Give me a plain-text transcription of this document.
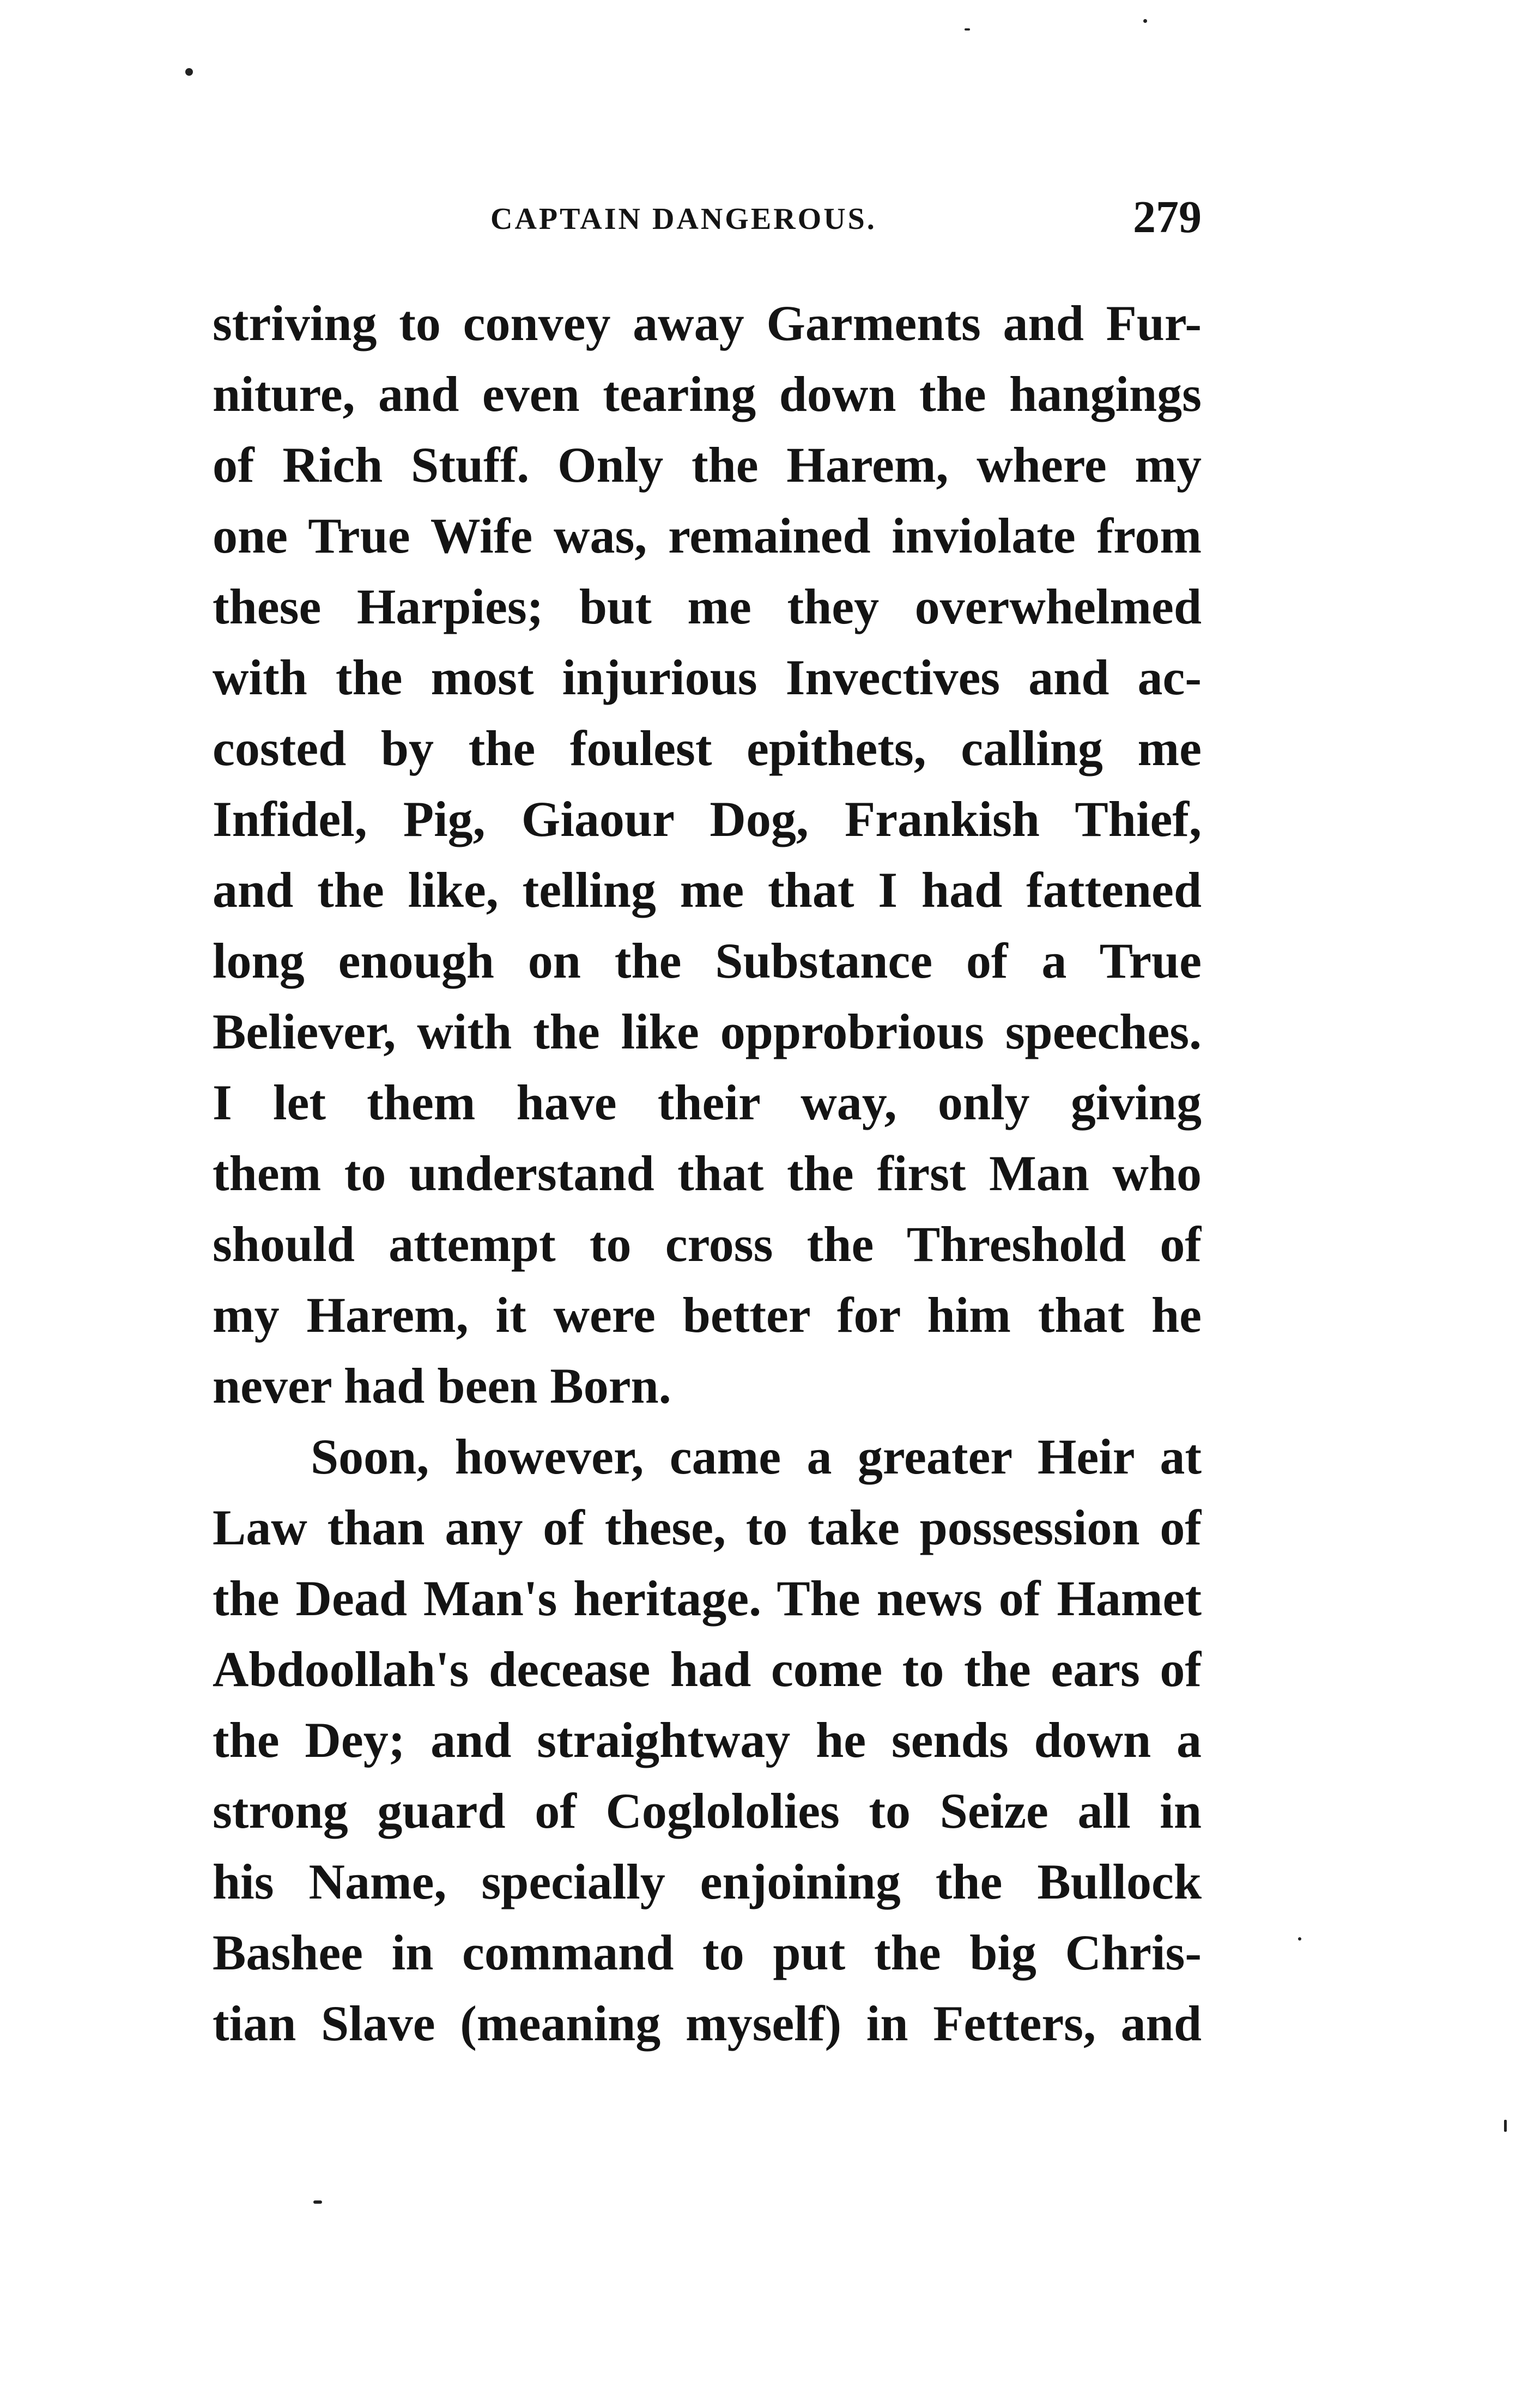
CAPTAIN DANGEROUS.	279
striving to convey away Garments and Fur-
niture, and even tearing down the hangings
of Rich Stuff. Only the Harem, where my
one True Wife was, remained inviolate from
these Harpies; but me they overwhelmed
with the most injurious Invectives and ac-
costed by the foulest epithets, calling me
Infidel, Pig, Giaour Dog, Frankish Thief,
and the like, telling me that I had fattened
long enough on the Substance of a True
Believer, with the like opprobrious speeches.
I let them have their way, only giving
them to understand that the first Man who
should attempt to cross the Threshold of
my Harem, it were better for him that he
never had been Born.
Soon, however, came a greater Heir at
Law than any of these, to take possession of
the Dead Man's heritage. The news of Hamet
Abdoollah's decease had come to the ears of
the Dey; and straightway he sends down a
strong guard of Coglololies to Seize all in
his Name, specially enjoining the Bullock
Bashee in command to put the big Chris-
tian Slave (meaning myself) in Fetters, and
